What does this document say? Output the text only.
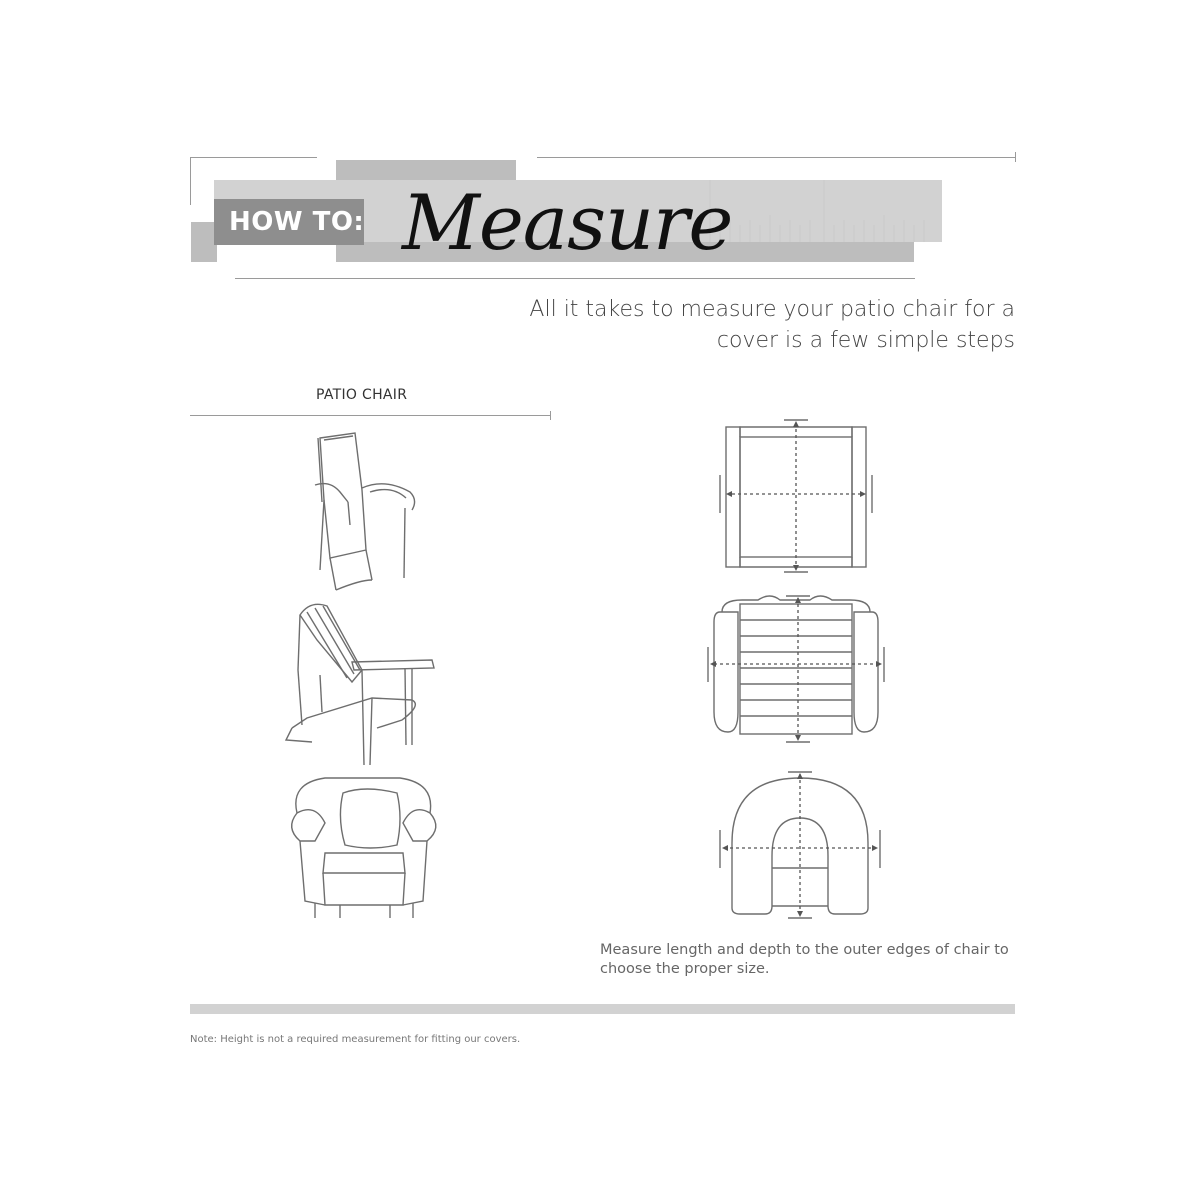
HOW TO: Measure
All it takes to measure your patio chair for a
cover is a few simple steps
PATIO CHAIR
Measure length and depth to the outer edges of chair to
choose the proper size.
Note: Height is not a required measurement for fitting our covers.
